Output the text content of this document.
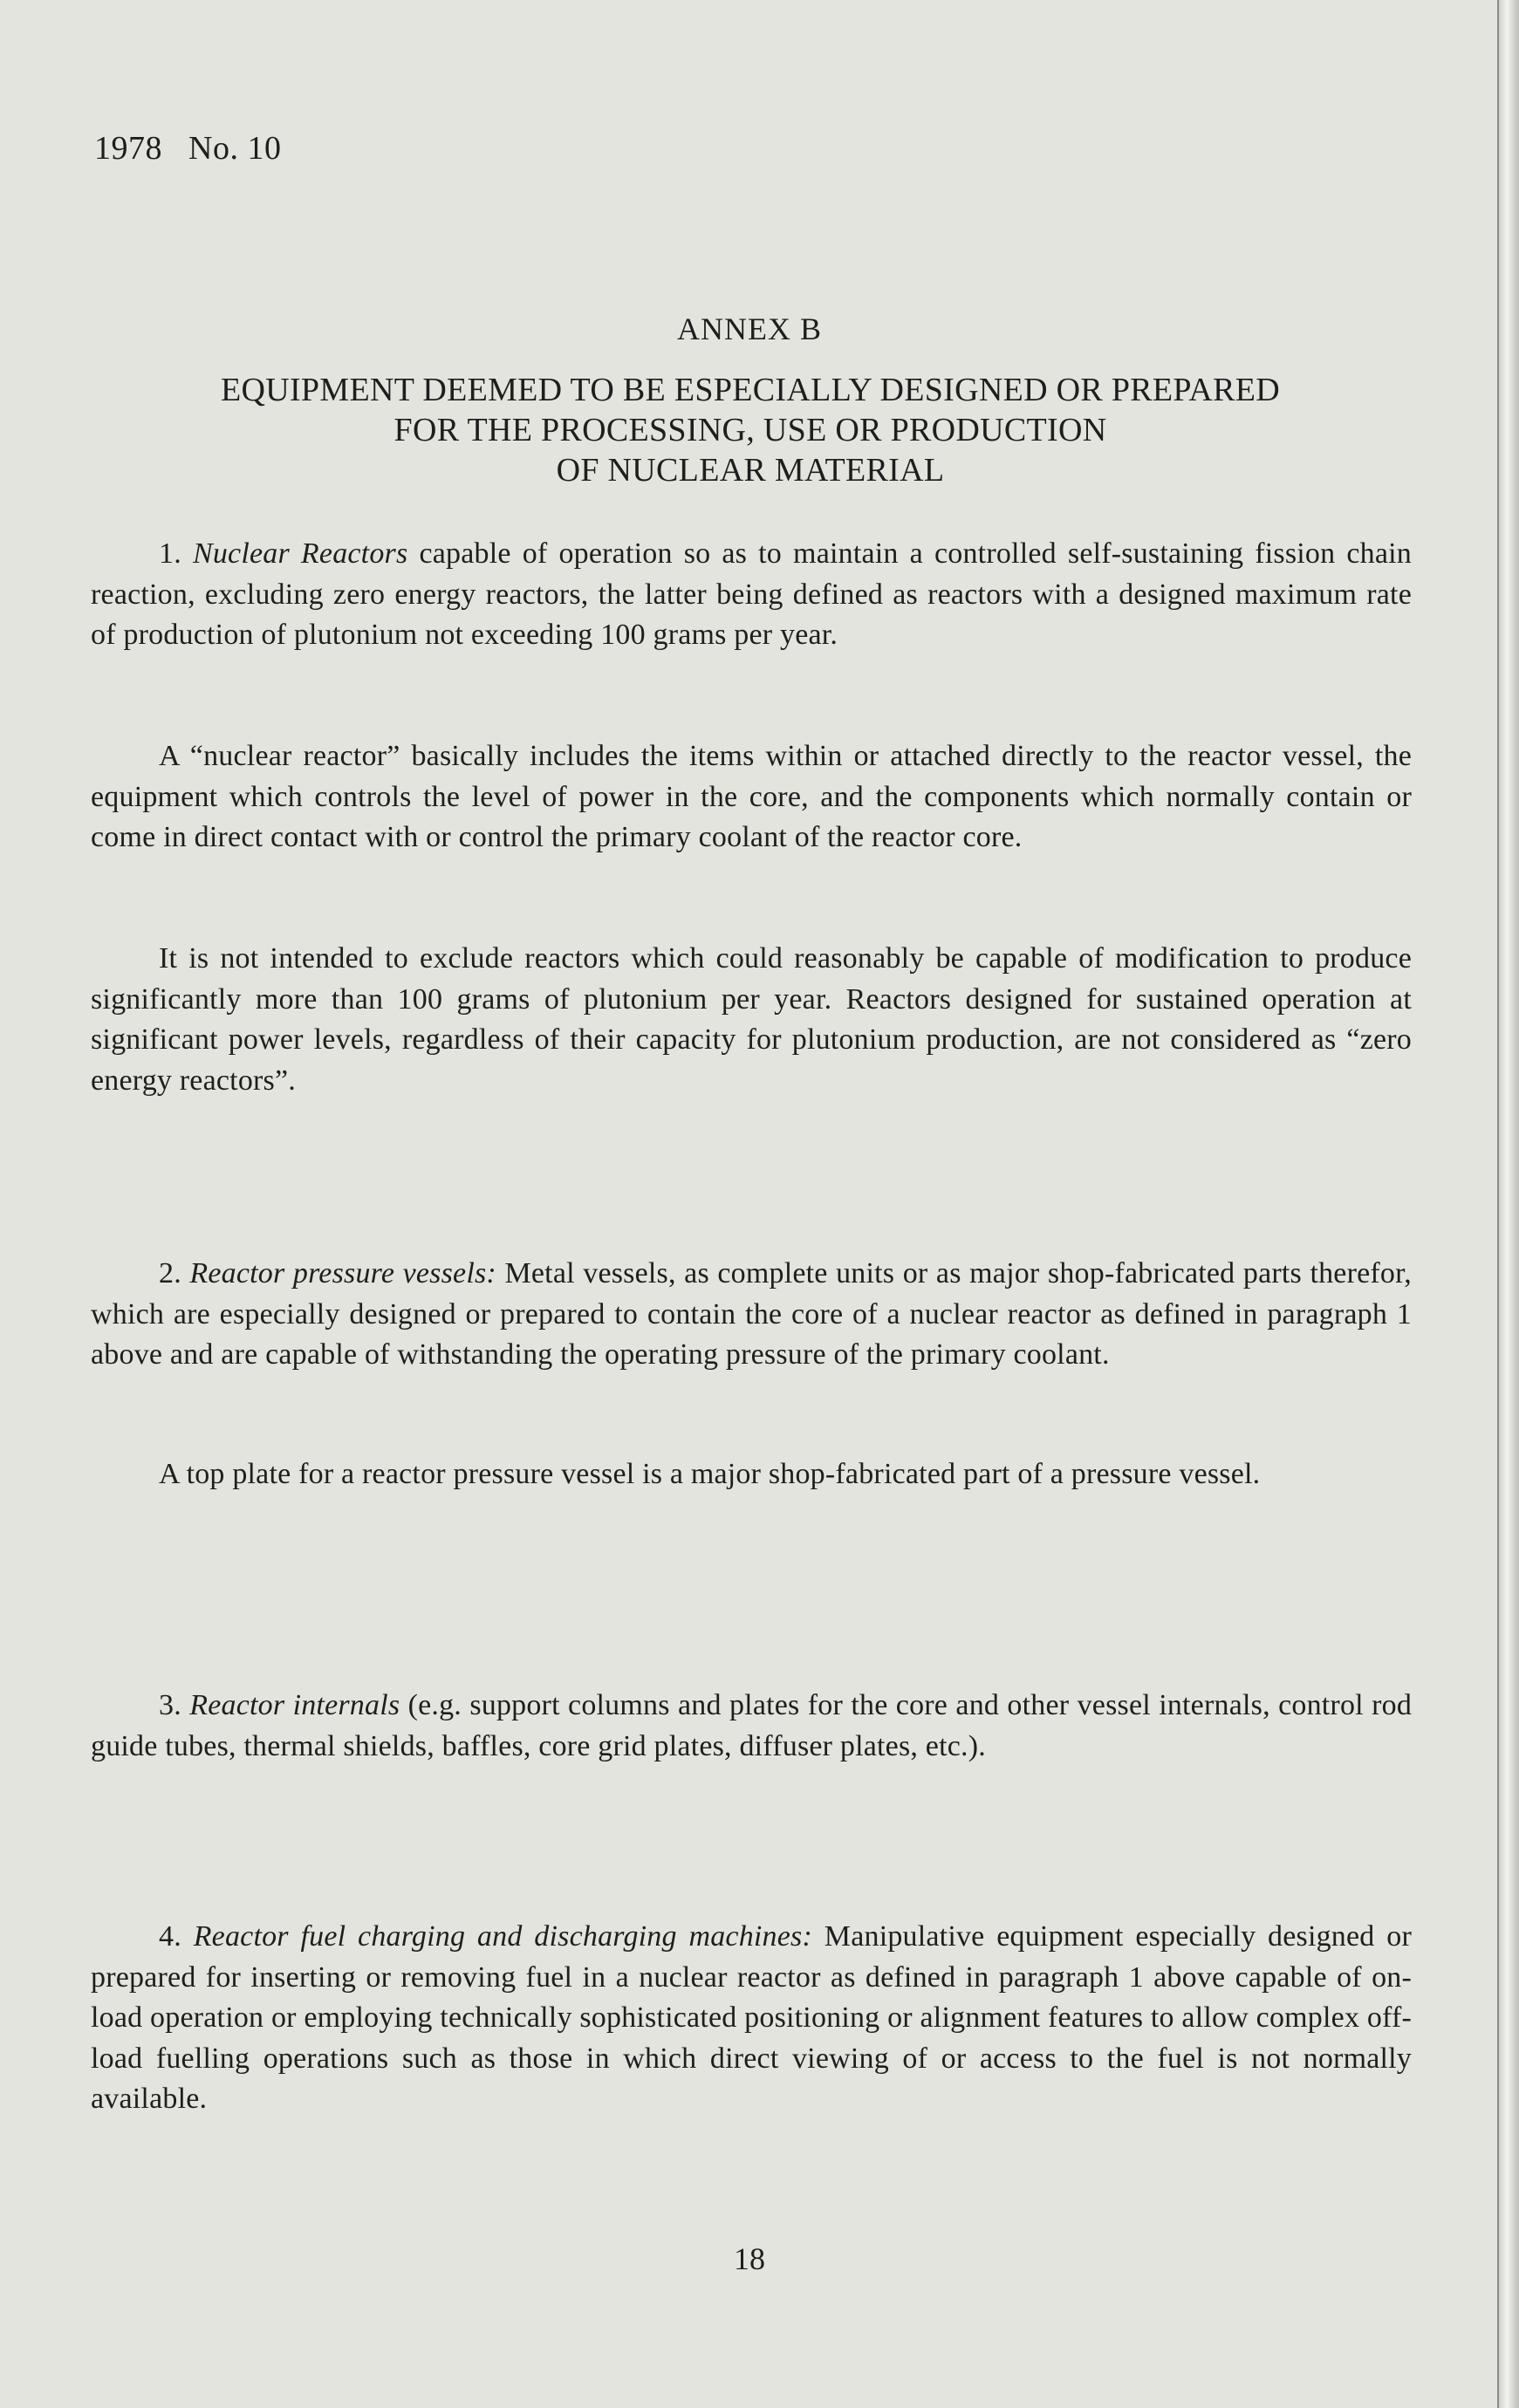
1978 No. 10
ANNEX B
EQUIPMENT DEEMED TO BE ESPECIALLY DESIGNED OR PREPARED
FOR THE PROCESSING, USE OR PRODUCTION
OF NUCLEAR MATERIAL

1. Nuclear Reactors capable of operation so as to maintain a controlled self-sustaining fission chain reaction, excluding zero energy reactors, the latter being defined as reactors with a designed maximum rate of production of plutonium not exceeding 100 grams per year.

A “nuclear reactor” basically includes the items within or attached directly to the reactor vessel, the equipment which controls the level of power in the core, and the components which normally contain or come in direct contact with or control the primary coolant of the reactor core.

It is not intended to exclude reactors which could reasonably be capable of modification to produce significantly more than 100 grams of plutonium per year. Reactors designed for sustained operation at significant power levels, regardless of their capacity for plutonium production, are not considered as “zero energy reactors”.

2. Reactor pressure vessels: Metal vessels, as complete units or as major shop-fabricated parts therefor, which are especially designed or prepared to contain the core of a nuclear reactor as defined in paragraph 1 above and are capable of withstanding the operating pressure of the primary coolant.

A top plate for a reactor pressure vessel is a major shop-fabricated part of a pressure vessel.

3. Reactor internals (e.g. support columns and plates for the core and other vessel internals, control rod guide tubes, thermal shields, baffles, core grid plates, diffuser plates, etc.).

4. Reactor fuel charging and discharging machines: Manipulative equipment especially designed or prepared for inserting or removing fuel in a nuclear reactor as defined in paragraph 1 above capable of on-load operation or employing technically sophisticated positioning or alignment features to allow complex off-load fuelling operations such as those in which direct viewing of or access to the fuel is not normally available.

18
